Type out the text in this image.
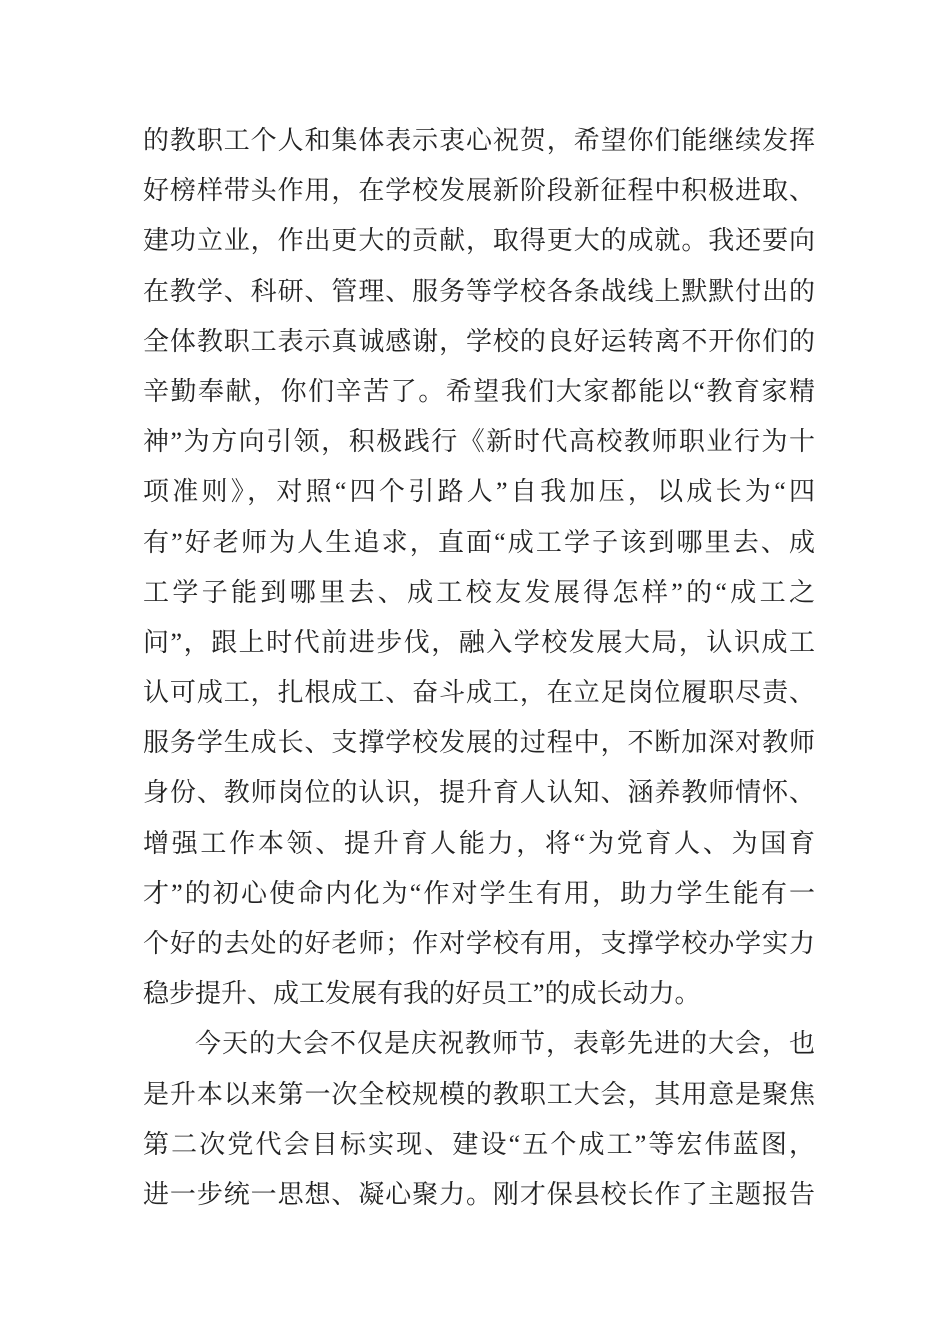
的教职工个人和集体表示衷心祝贺，希望你们能继续发挥
好榜样带头作用，在学校发展新阶段新征程中积极进取、
建功立业，作出更大的贡献，取得更大的成就。我还要向
在教学、科研、管理、服务等学校各条战线上默默付出的
全体教职工表示真诚感谢，学校的良好运转离不开你们的
辛勤奉献，你们辛苦了。希望我们大家都能以“教育家精
神”为方向引领，积极践行《新时代高校教师职业行为十
项准则》，对照“四个引路人”自我加压，以成长为“四
有”好老师为人生追求，直面“成工学子该到哪里去、成
工学子能到哪里去、成工校友发展得怎样”的“成工之
问”，跟上时代前进步伐，融入学校发展大局，认识成工
认可成工，扎根成工、奋斗成工，在立足岗位履职尽责、
服务学生成长、支撑学校发展的过程中，不断加深对教师
身份、教师岗位的认识，提升育人认知、涵养教师情怀、
增强工作本领、提升育人能力，将“为党育人、为国育
才”的初心使命内化为“作对学生有用，助力学生能有一
个好的去处的好老师；作对学校有用，支撑学校办学实力
稳步提升、成工发展有我的好员工”的成长动力。
今天的大会不仅是庆祝教师节，表彰先进的大会，也
是升本以来第一次全校规模的教职工大会，其用意是聚焦
第二次党代会目标实现、建设“五个成工”等宏伟蓝图，
进一步统一思想、凝心聚力。刚才保县校长作了主题报告
